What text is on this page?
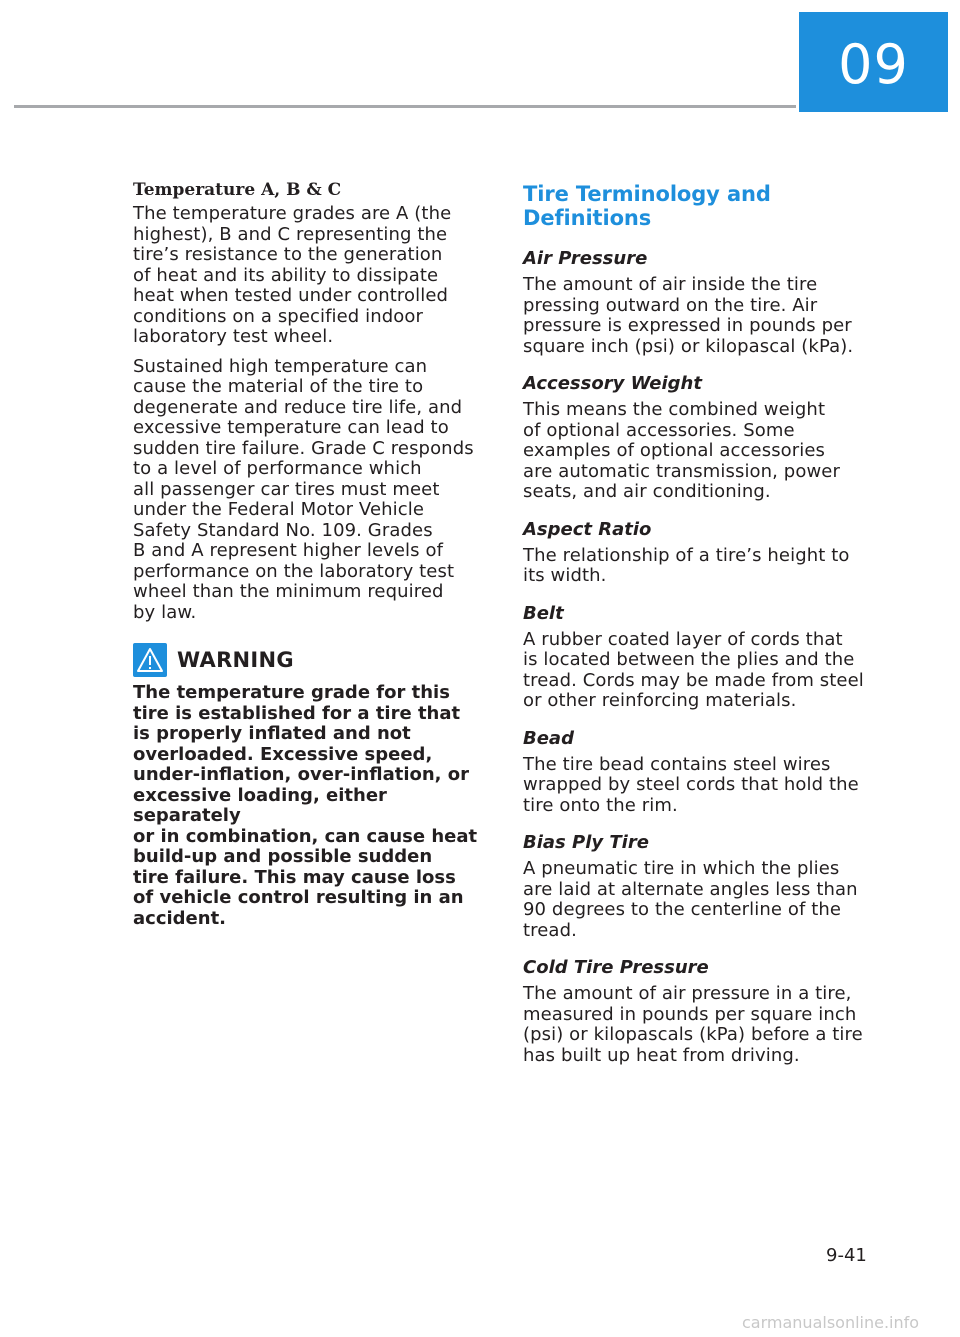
09
Temperature A, B & C

The temperature grades are A (the
highest), B and C representing the
tire’s resistance to the generation
of heat and its ability to dissipate
heat when tested under controlled
conditions on a specified indoor
laboratory test wheel.

Sustained high temperature can
cause the material of the tire to
degenerate and reduce tire life, and
excessive temperature can lead to
sudden tire failure. Grade C responds
to a level of performance which
all passenger car tires must meet
under the Federal Motor Vehicle
Safety Standard No. 109. Grades
B and A represent higher levels of
performance on the laboratory test
wheel than the minimum required
by law.

WARNING

The temperature grade for this
tire is established for a tire that
is properly inflated and not
overloaded. Excessive speed,
under-inflation, over-inflation, or
excessive loading, either separately
or in combination, can cause heat
build-up and possible sudden
tire failure. This may cause loss
of vehicle control resulting in an
accident.

Tire Terminology and Definitions
Air Pressure

The amount of air inside the tire
pressing outward on the tire. Air
pressure is expressed in pounds per
square inch (psi) or kilopascal (kPa).

Accessory Weight

This means the combined weight
of optional accessories. Some
examples of optional accessories
are automatic transmission, power
seats, and air conditioning.

Aspect Ratio

The relationship of a tire’s height to
its width.

Belt

A rubber coated layer of cords that
is located between the plies and the
tread. Cords may be made from steel
or other reinforcing materials.

Bead

The tire bead contains steel wires
wrapped by steel cords that hold the
tire onto the rim.

Bias Ply Tire

A pneumatic tire in which the plies
are laid at alternate angles less than
90 degrees to the centerline of the
tread.

Cold Tire Pressure

The amount of air pressure in a tire,
measured in pounds per square inch
(psi) or kilopascals (kPa) before a tire
has built up heat from driving.

9-41
carmanualsonline.info
